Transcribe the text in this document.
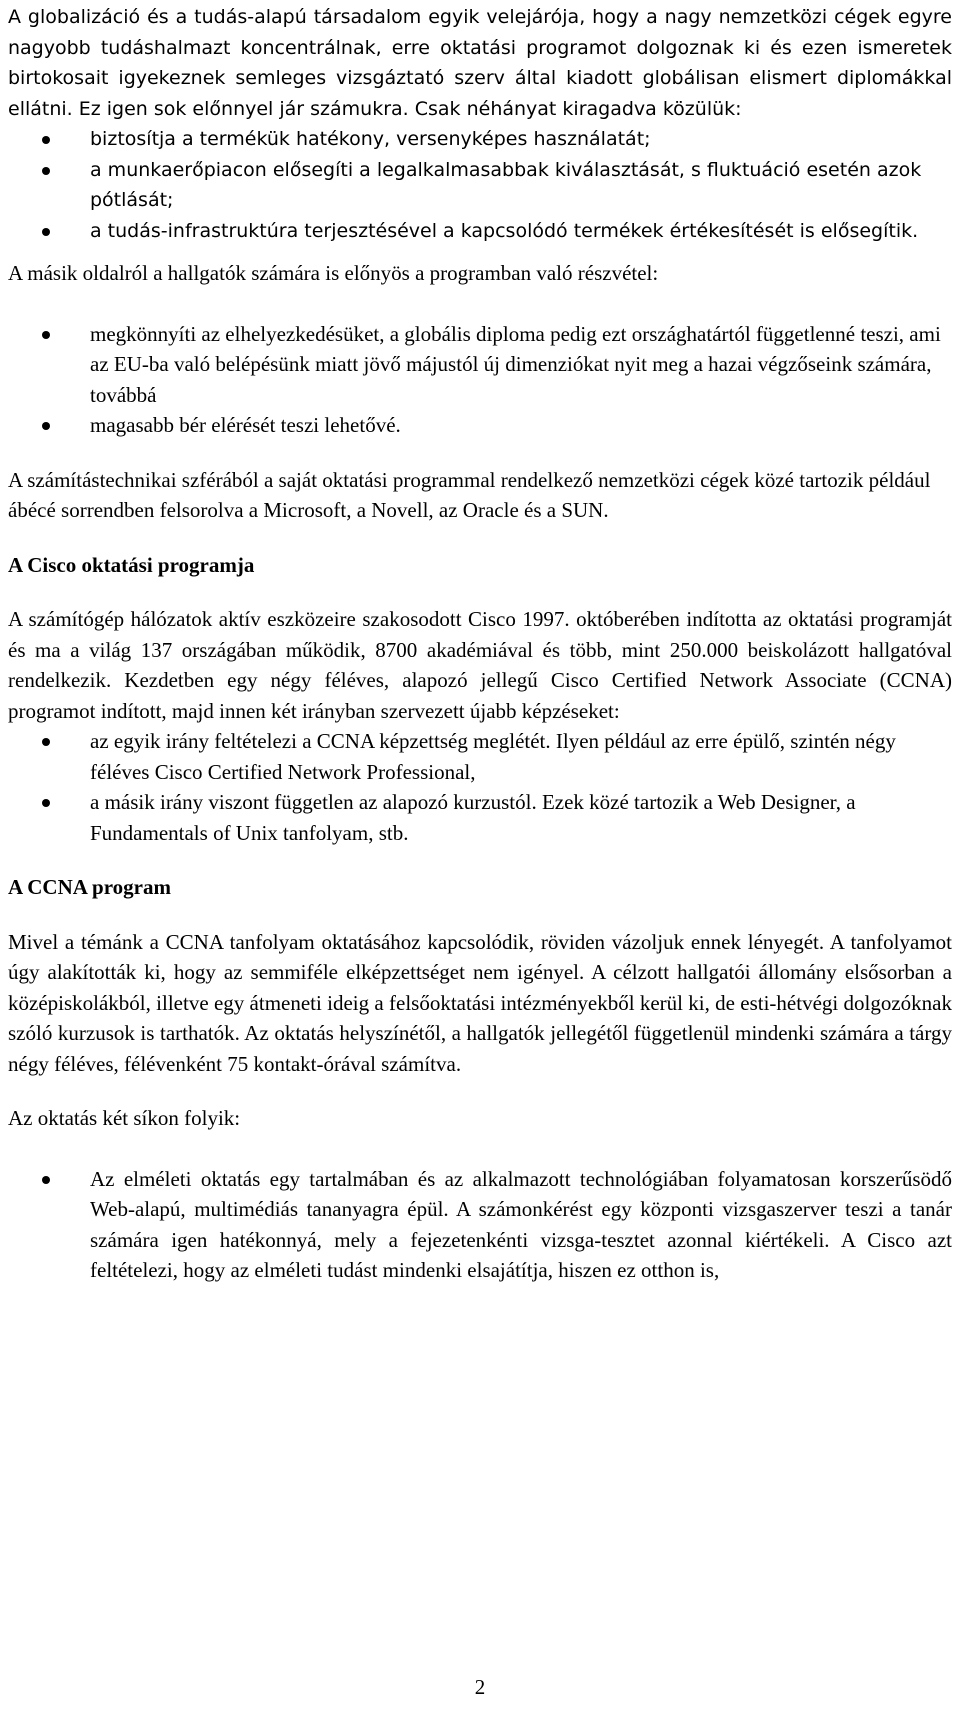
A globalizáció és a tudás-alapú társadalom egyik velejárója, hogy a nagy nemzetközi cégek egyre nagyobb tudáshalmazt koncentrálnak, erre oktatási programot dolgoznak ki és ezen ismeretek birtokosait igyekeznek semleges vizsgáztató szerv által kiadott globálisan elismert diplomákkal ellátni. Ez igen sok előnnyel jár számukra. Csak néhányat kiragadva közülük:

biztosítja a termékük hatékony, versenyképes használatát;
a munkaerőpiacon elősegíti a legalkalmasabbak kiválasztását, s fluktuáció esetén azok pótlását;
a tudás-infrastruktúra terjesztésével a kapcsolódó termékek értékesítését is elősegítik.

A másik oldalról a hallgatók számára is előnyös a programban való részvétel:

megkönnyíti az elhelyezkedésüket, a globális diploma pedig ezt országhatártól függetlenné teszi, ami az EU-ba való belépésünk miatt jövő májustól új dimenziókat nyit meg a hazai végzőseink számára, továbbá
magasabb bér elérését teszi lehetővé.

A számítástechnikai szférából a saját oktatási programmal rendelkező nemzetközi cégek közé tartozik például ábécé sorrendben felsorolva a Microsoft, a Novell, az Oracle és a SUN.

A Cisco oktatási programja

A számítógép hálózatok aktív eszközeire szakosodott Cisco 1997. októberében indította az oktatási programját és ma a világ 137 országában működik, 8700 akadémiával és több, mint 250.000 beiskolázott hallgatóval rendelkezik. Kezdetben egy négy féléves, alapozó jellegű Cisco Certified Network Associate (CCNA) programot indított, majd innen két irányban szervezett újabb képzéseket:

az egyik irány feltételezi a CCNA képzettség meglétét. Ilyen például az erre épülő, szintén négy féléves Cisco Certified Network Professional,
a másik irány viszont független az alapozó kurzustól. Ezek közé tartozik a Web Designer, a Fundamentals of Unix tanfolyam, stb.
A CCNA program

Mivel a témánk a CCNA tanfolyam oktatásához kapcsolódik, röviden vázoljuk ennek lényegét. A tanfolyamot úgy alakították ki, hogy az semmiféle elképzettséget nem igényel. A célzott hallgatói állomány elsősorban a középiskolákból, illetve egy átmeneti ideig a felsőoktatási intézményekből kerül ki, de esti-hétvégi dolgozóknak szóló kurzusok is tarthatók. Az oktatás helyszínétől, a hallgatók jellegétől függetlenül mindenki számára a tárgy négy féléves, félévenként 75 kontakt-órával számítva.

Az oktatás két síkon folyik:

Az elméleti oktatás egy tartalmában és az alkalmazott technológiában folyamatosan korszerűsödő Web-alapú, multimédiás tananyagra épül. A számonkérést egy központi vizsgaszerver teszi a tanár számára igen hatékonnyá, mely a fejezetenkénti vizsga-tesztet azonnal kiértékeli. A Cisco azt feltételezi, hogy az elméleti tudást mindenki elsajátítja, hiszen ez otthon is,
2
